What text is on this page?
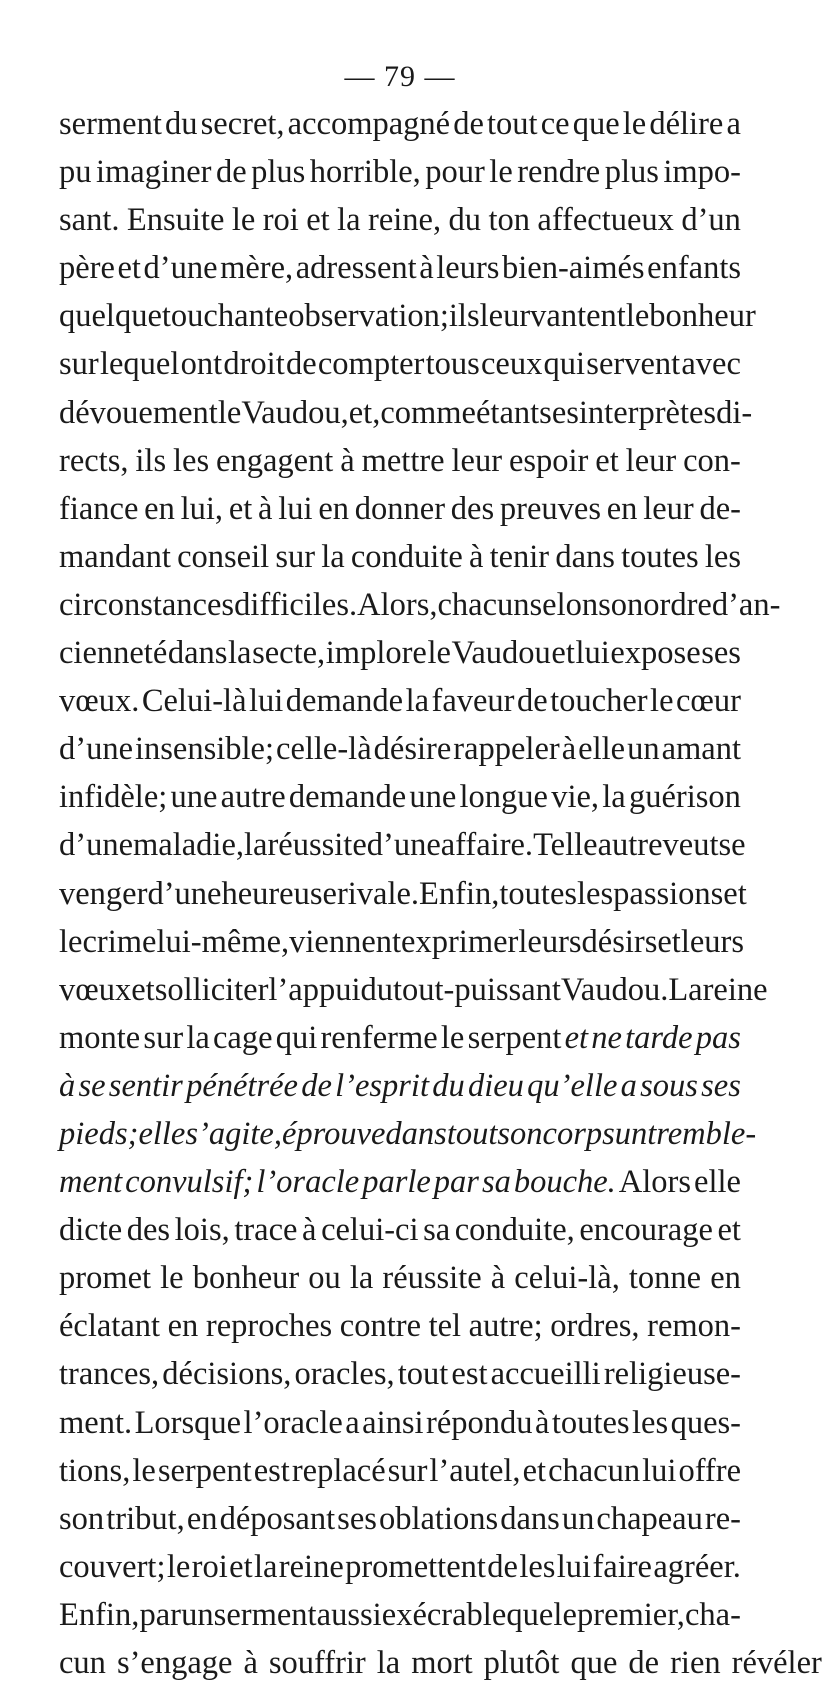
— 79 —
serment du secret, accompagné de tout ce que le délire a
pu imaginer de plus horrible, pour le rendre plus impo-
sant. Ensuite le roi et la reine, du ton affectueux d’un
père et d’une mère, adressent à leurs bien-aimés enfants
quelque touchante observation; ils leur vantent le bonheur
sur lequel ont droit de compter tous ceux qui servent avec
dévouement le Vaudou, et, comme étant ses interprètes di-
rects, ils les engagent à mettre leur espoir et leur con-
fiance en lui, et à lui en donner des preuves en leur de-
mandant conseil sur la conduite à tenir dans toutes les
circonstances difficiles. Alors, chacun selon son ordre d’an-
cienneté dans la secte, implore le Vaudou et lui expose ses
vœux. Celui-là lui demande la faveur de toucher le cœur
d’une insensible; celle-là désire rappeler à elle un amant
infidèle; une autre demande une longue vie, la guérison
d’une maladie, la réussite d’une affaire. Telle autre veut se
venger d’une heureuse rivale. Enfin, toutes les passions et
le crime lui-même, viennent exprimer leurs désirs et leurs
vœux et solliciter l’appui du tout-puissant Vaudou. La reine
monte sur la cage qui renferme le serpent et ne tarde pas
à se sentir pénétrée de l’esprit du dieu qu’elle a sous ses
pieds; elle s’agite, éprouve dans tout son corps un tremble-
ment convulsif; l’oracle parle par sa bouche. Alors elle
dicte des lois, trace à celui-ci sa conduite, encourage et
promet le bonheur ou la réussite à celui-là, tonne en
éclatant en reproches contre tel autre; ordres, remon-
trances, décisions, oracles, tout est accueilli religieuse-
ment. Lorsque l’oracle a ainsi répondu à toutes les ques-
tions, le serpent est replacé sur l’autel, et chacun lui offre
son tribut, en déposant ses oblations dans un chapeau re-
couvert; le roi et la reine promettent de les lui faire agréer.
Enfin, par un serment aussi exécrable que le premier, cha-
cun s’engage à souffrir la mort plutôt que de rien révéler
